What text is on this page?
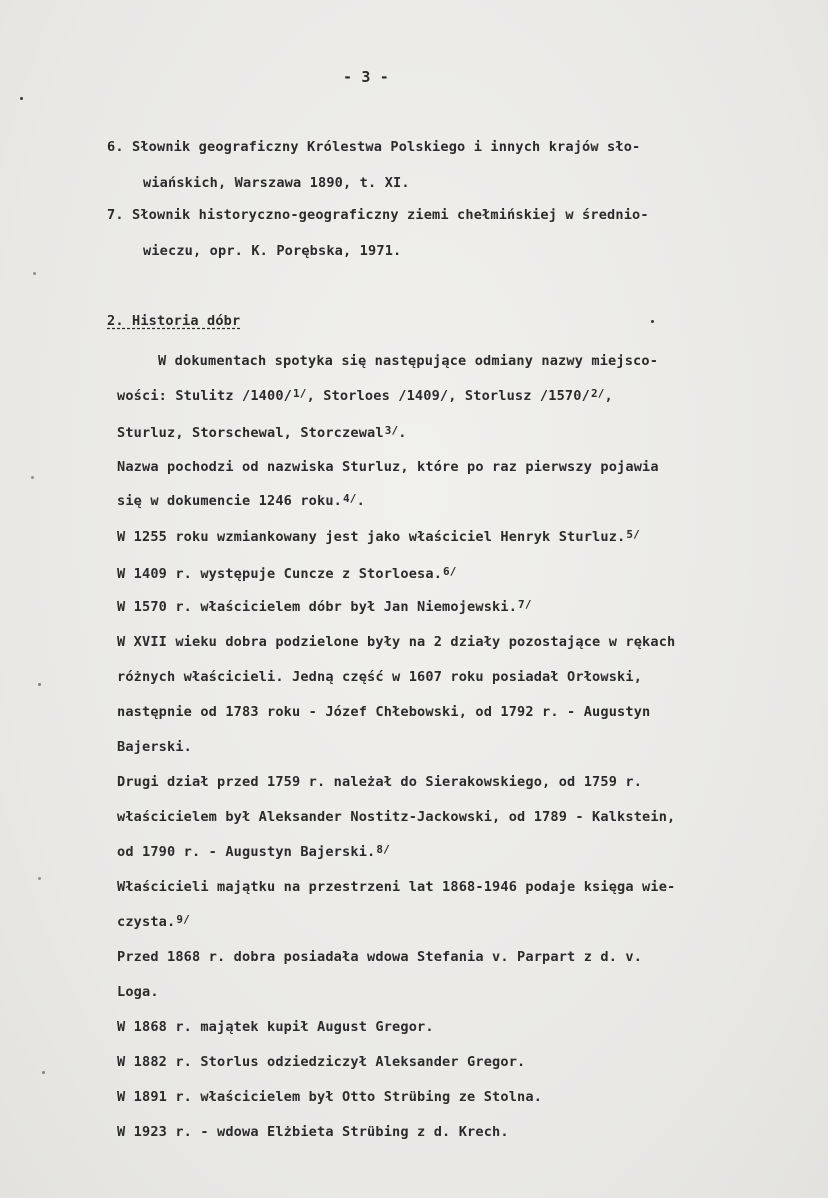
- 3 -
6. Słownik geograficzny Królestwa Polskiego i innych krajów sło-
wiańskich, Warszawa 1890, t. XI.
7. Słownik historyczno-geograficzny ziemi chełmińskiej w średnio-
wieczu, opr. K. Porębska, 1971.
2. Historia dóbr
W dokumentach spotyka się następujące odmiany nazwy miejsco-
wości: Stulitz /1400/$^{1/}$, Storloes /1409/, Storlusz /1570/$^{2/}$,
Sturluz, Storschewal, Storczewal$^{3/}$.
Nazwa pochodzi od nazwiska Sturluz, które po raz pierwszy pojawia
się w dokumencie 1246 roku.$^{4/}$.
W 1255 roku wzmiankowany jest jako właściciel Henryk Sturluz.$^{5/}$
W 1409 r. występuje Cuncze z Storloesa.$^{6/}$
W 1570 r. właścicielem dóbr był Jan Niemojewski.$^{7/}$
W XVII wieku dobra podzielone były na 2 działy pozostające w rękach
różnych właścicieli. Jedną część w 1607 roku posiadał Orłowski,
następnie od 1783 roku - Józef Chłebowski, od 1792 r. - Augustyn
Bajerski.
Drugi dział przed 1759 r. należał do Sierakowskiego, od 1759 r.
właścicielem był Aleksander Nostitz-Jackowski, od 1789 - Kalkstein,
od 1790 r. - Augustyn Bajerski.$^{8/}$
Właścicieli majątku na przestrzeni lat 1868-1946 podaje księga wie-
czysta.$^{9/}$
Przed 1868 r. dobra posiadała wdowa Stefania v. Parpart z d. v.
Loga.
W 1868 r. majątek kupił August Gregor.
W 1882 r. Storlus odziedziczył Aleksander Gregor.
W 1891 r. właścicielem był Otto Strübing ze Stolna.
W 1923 r. - wdowa Elżbieta Strübing z d. Krech.
